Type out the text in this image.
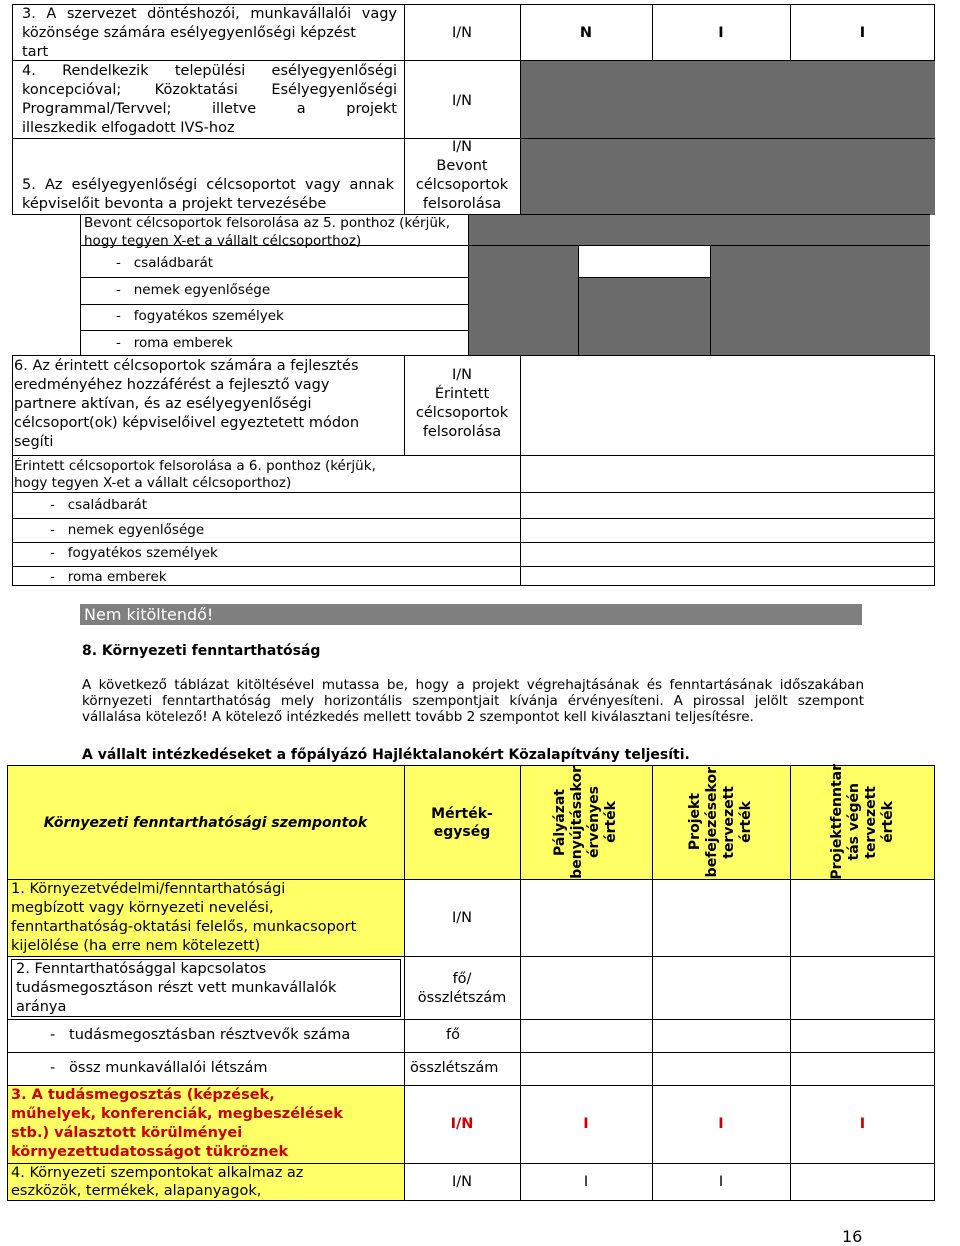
3. A szervezet döntéshozói, munkavállalói vagy
közönsége számára esélyegyenlőségi képzést
tart
I/N	N	I	I
4. Rendelkezik települési esélyegyenlőségi
koncepcióval; Közoktatási Esélyegyenlőségi
Programmal/Tervvel; illetve a projekt
illeszkedik elfogadott IVS-hoz
I/N
5. Az esélyegyenlőségi célcsoportot vagy annak
képviselőit bevonta a projekt tervezésébe
I/N
Bevont
célcsoportok
felsorolása
Bevont célcsoportok felsorolása az 5. ponthoz (kérjük,
hogy tegyen X-et a vállalt célcsoporthoz)
-   családbarát
-   nemek egyenlősége
-   fogyatékos személyek
-   roma emberek
6. Az érintett célcsoportok számára a fejlesztés
eredményéhez hozzáférést a fejlesztő vagy
partnere aktívan, és az esélyegyenlőségi
célcsoport(ok) képviselőivel egyeztetett módon
segíti
I/N
Érintett
célcsoportok
felsorolása
Érintett célcsoportok felsorolása a 6. ponthoz (kérjük,
hogy tegyen X-et a vállalt célcsoporthoz)
-   családbarát
-   nemek egyenlősége
-   fogyatékos személyek
-   roma emberek
Nem kitöltendő!
8. Környezeti fenntarthatóság
A következő táblázat kitöltésével mutassa be, hogy a projekt végrehajtásának és fenntartásának időszakában
környezeti fenntarthatóság mely horizontális szempontjait kívánja érvényesíteni. A pirossal jelölt szempont
vállalása kötelező! A kötelező intézkedés mellett tovább 2 szempontot kell kiválasztani teljesítésre.
A vállalt intézkedéseket a főpályázó Hajléktalanokért Közalapítvány teljesíti.
Környezeti fenntarthatósági szempontok
Mérték-
egység	Pályázat benyújtásakor érvényes érték	Projekt befejezésekor tervezett érték	Projektfenntar tás végén tervezett érték
1. Környezetvédelmi/fenntarthatósági
megbízott vagy környezeti nevelési,
fenntarthatóság-oktatási felelős, munkacsoport
kijelölése (ha erre nem kötelezett)
I/N
2. Fenntarthatósággal kapcsolatos
tudásmegosztáson részt vett munkavállalók
aránya
fő/
összlétszám
-   tudásmegosztásban résztvevők száma	fő
-   össz munkavállalói létszám	összlétszám
3. A tudásmegosztás (képzések,
műhelyek, konferenciák, megbeszélések
stb.) választott körülményei
környezettudatosságot tükröznek
I/N	I	I	I
4. Környezeti szempontokat alkalmaz az
eszközök, termékek, alapanyagok,
I/N	I	I
16
